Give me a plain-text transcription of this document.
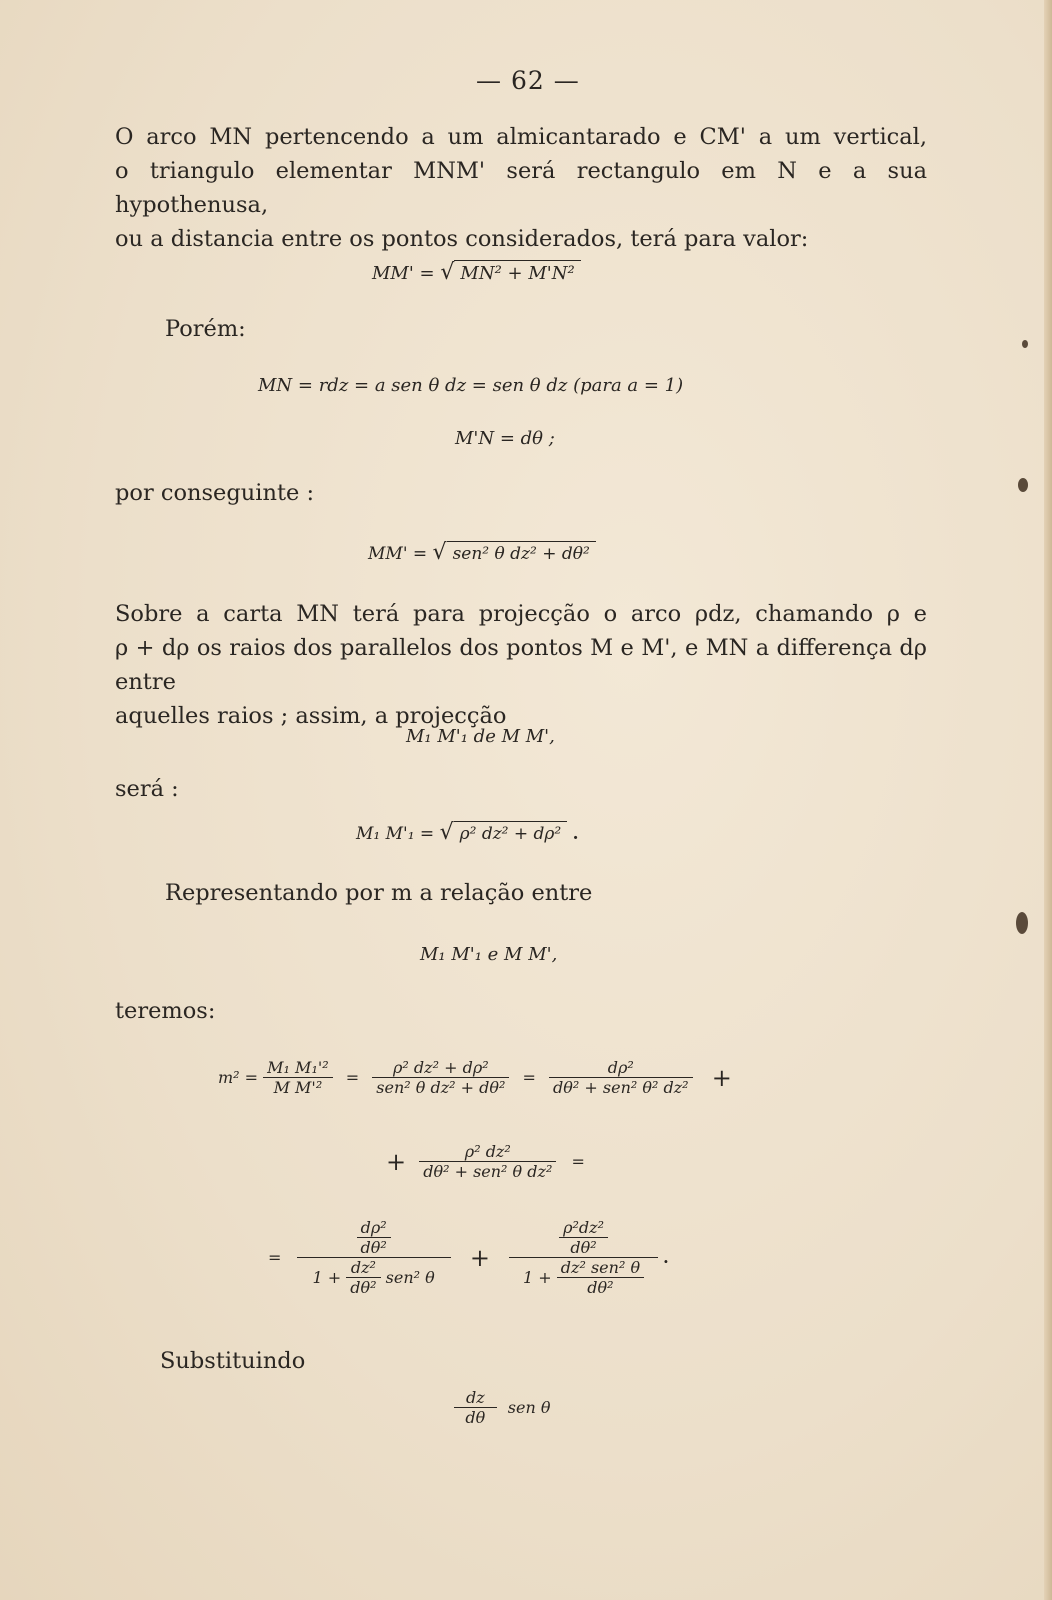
— 62 —
O arco MN pertencendo a um almicantarado e CM' a um vertical,
o triangulo elementar MNM' será rectangulo em N e a sua hypothenusa,
ou a distancia entre os pontos considerados, terá para valor:
MM' = √ MN² + M'N²
Porém:
MN = rdz = a sen θ dz = sen θ dz (para a = 1)
M'N = dθ ;
por conseguinte :
MM' = √ sen² θ dz² + dθ²
Sobre a carta MN terá para projecção o arco ρdz, chamando ρ e
ρ + dρ os raios dos parallelos dos pontos M e M', e MN a differença dρ entre
aquelles raios ; assim, a projecção
M₁ M'₁ de M M',
será :
M₁ M'₁ = √ ρ² dz² + dρ² .
Representando por m a relação entre
M₁ M'₁ e M M',
teremos:
$m^2 = \frac{\text{M₁ M₁'²}}{\text{M M'²}} = \frac{\text{ρ² dz² + dρ²}}{\text{sen² θ dz² + dθ²}} = \frac{\text{dρ²}}{\text{dθ² + sen² θ² dz²}}$ +
+ $\frac{\text{ρ² dz²}}{\text{dθ² + sen² θ dz²}}$ =
=
$\frac{\text{dρ²}}{\text{dθ²}}$
$1 + \frac{\text{dz²}}{\text{dθ²}} sen^2$ θ
+ $\frac{\frac{\text{ρ²dz²}}{\text{dθ²}}}{1 + \frac{\text{dz² sen² θ}}{\text{dθ²}}}$ .
Substituindo
$\frac{dz}{d\theta}$ sen θ
